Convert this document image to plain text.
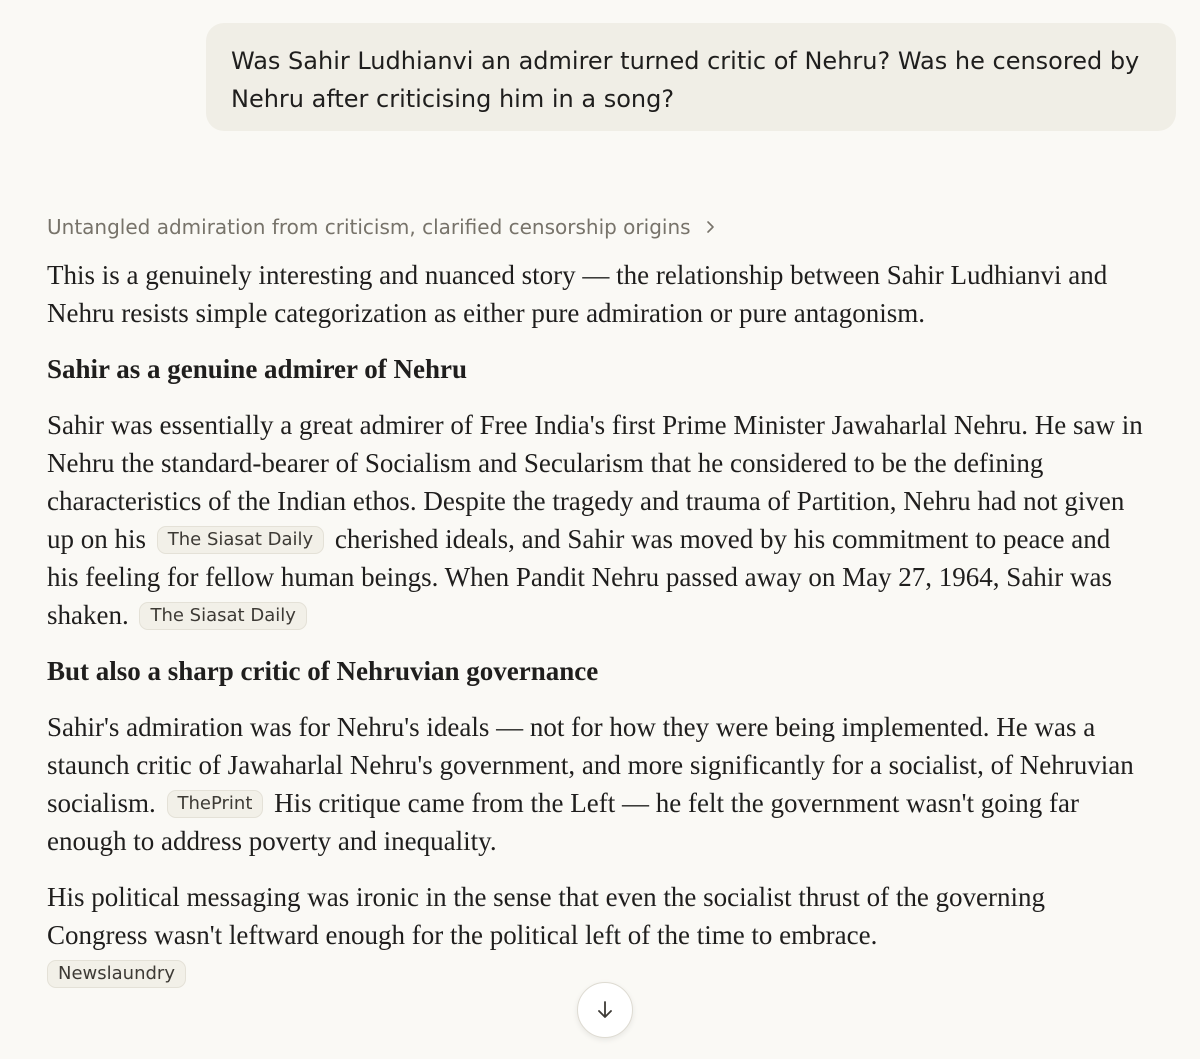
Was Sahir Ludhianvi an admirer turned critic of Nehru? Was he censored by Nehru after criticising him in a song?
Untangled admiration from criticism, clarified censorship origins

This is a genuinely interesting and nuanced story — the relationship between Sahir Ludhianvi and Nehru resists simple categorization as either pure admiration or pure antagonism.

Sahir as a genuine admirer of Nehru

Sahir was essentially a great admirer of Free India's first Prime Minister Jawaharlal Nehru. He saw in Nehru the standard-bearer of Socialism and Secularism that he considered to be the defining characteristics of the Indian ethos. Despite the tragedy and trauma of Partition, Nehru had not given up on his The Siasat Daily cherished ideals, and Sahir was moved by his commitment to peace and his feeling for fellow human beings. When Pandit Nehru passed away on May 27, 1964, Sahir was shaken. The Siasat Daily

But also a sharp critic of Nehruvian governance

Sahir's admiration was for Nehru's ideals — not for how they were being implemented. He was a staunch critic of Jawaharlal Nehru's government, and more significantly for a socialist, of Nehruvian socialism. ThePrint His critique came from the Left — he felt the government wasn't going far enough to address poverty and inequality.

His political messaging was ironic in the sense that even the socialist thrust of the governing Congress wasn't leftward enough for the political left of the time to embrace.
Newslaundry
